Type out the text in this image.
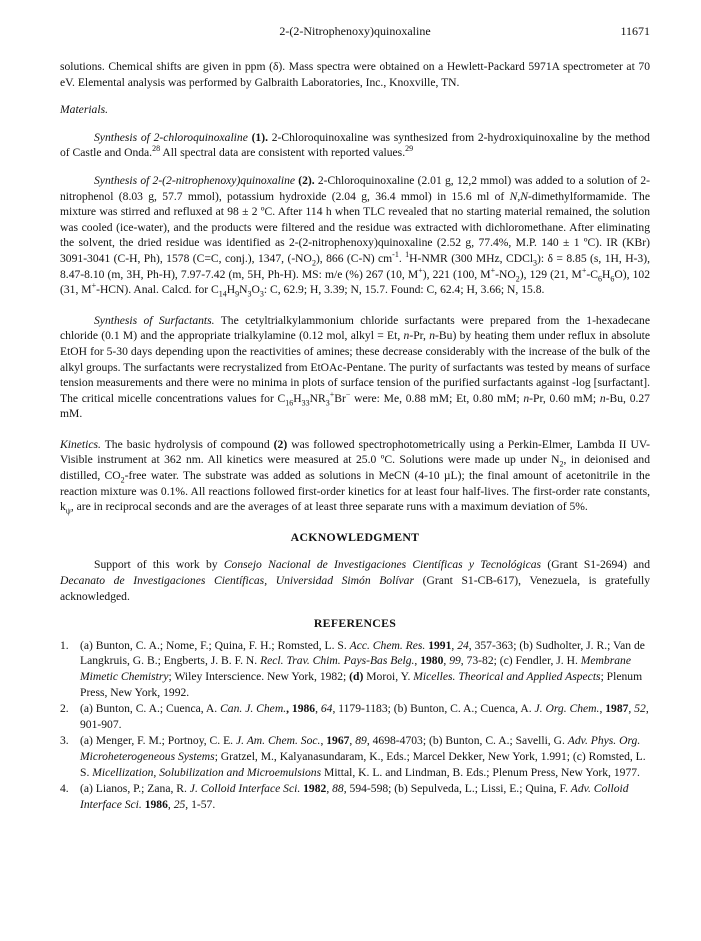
2-(2-Nitrophenoxy)quinoxaline	11671

solutions. Chemical shifts are given in ppm (δ). Mass spectra were obtained on a Hewlett-Packard 5971A spectrometer at 70 eV. Elemental analysis was performed by Galbraith Laboratories, Inc., Knoxville, TN.

Materials.

Synthesis of 2-chloroquinoxaline (1). 2-Chloroquinoxaline was synthesized from 2-hydroxiquinoxaline by the method of Castle and Onda.$^{28}$ All spectral data are consistent with reported values.$^{29}$

Synthesis of 2-(2-nitrophenoxy)quinoxaline (2). 2-Chloroquinoxaline (2.01 g, 12,2 mmol) was added to a solution of 2-nitrophenol (8.03 g, 57.7 mmol), potassium hydroxide (2.04 g, 36.4 mmol) in 15.6 ml of N,N-dimethylformamide. The mixture was stirred and refluxed at 98 ± 2 ºC. After 114 h when TLC revealed that no starting material remained, the solution was cooled (ice-water), and the products were filtered and the residue was extracted with dichloromethane. After eliminating the solvent, the dried residue was identified as 2-(2-nitrophenoxy)quinoxaline (2.52 g, 77.4%, M.P. 140 ± 1 ºC). IR (KBr) 3091-3041 (C-H, Ph), 1578 (C=C, conj.), 1347, $(-NO_2)$, 866 (C-N) $cm^{-1}$. $^1$H-NMR (300 MHz, CDCl$_3$): δ = 8.85 (s, 1H, H-3), 8.47-8.10 (m, 3H, Ph-H), 7.97-7.42 (m, 5H, Ph-H). MS: m/e (%) 267 (10, M+), 221 (100, $M^+-NO_2$), 129 (21, $M^+-C_6H_6O$), 102 (31, M+-HCN). Anal. Calcd. for $C_{14}H_9N_3O_3$: C, 62.9; H, 3.39; N, 15.7. Found: C, 62.4; H, 3.66; N, 15.8.

Synthesis of Surfactants. The cetyltrialkylammonium chloride surfactants were prepared from the 1-hexadecane chloride (0.1 M) and the appropriate trialkylamine (0.12 mol, alkyl = Et, n-Pr, n-Bu) by heating them under reflux in absolute EtOH for 5-30 days depending upon the reactivities of amines; these decrease considerably with the increase of the bulk of the alkyl groups. The surfactants were recrystalized from EtOAc-Pentane. The purity of surfactants was tested by means of surface tension measurements and there were no minima in plots of surface tension of the purified surfactants against -log [surfactant]. The critical micelle concentrations values for $C_{16}H_{33}NR_3^+Br^-$ were: Me, 0.88 mM; Et, 0.80 mM; n-Pr, 0.60 mM; n-Bu, 0.27 mM.

Kinetics. The basic hydrolysis of compound (2) was followed spectrophotometrically using a Perkin-Elmer, Lambda II UV-Visible instrument at 362 nm. All kinetics were measured at 25.0 ºC. Solutions were made up under $N_2$, in deionised and distilled, $CO_2$-free water. The substrate was added as solutions in MeCN (4-10 µL); the final amount of acetonitrile in the reaction mixture was 0.1%. All reactions followed first-order kinetics for at least four half-lives. The first-order rate constants, $k_\psi$, are in reciprocal seconds and are the averages of at least three separate runs with a maximum deviation of 5%.

ACKNOWLEDGMENT

Support of this work by Consejo Nacional de Investigaciones Científicas y Tecnológicas (Grant S1-2694) and Decanato de Investigaciones Científicas, Universidad Simón Bolívar (Grant S1-CB-617), Venezuela, is gratefully acknowledged.

REFERENCES

1. (a) Bunton, C. A.; Nome, F.; Quina, F. H.; Romsted, L. S. Acc. Chem. Res. 1991, 24, 357-363; (b) Sudholter, J. R.; Van de Langkruis, G. B.; Engberts, J. B. F. N. Recl. Trav. Chim. Pays-Bas Belg., 1980, 99, 73-82; (c) Fendler, J. H. Membrane Mimetic Chemistry; Wiley Interscience. New York, 1982; (d) Moroi, Y. Micelles. Theorical and Applied Aspects; Plenum Press, New York, 1992.
2. (a) Bunton, C. A.; Cuenca, A. Can. J. Chem., 1986, 64, 1179-1183; (b) Bunton, C. A.; Cuenca, A. J. Org. Chem., 1987, 52, 901-907.
3. (a) Menger, F. M.; Portnoy, C. E. J. Am. Chem. Soc., 1967, 89, 4698-4703; (b) Bunton, C. A.; Savelli, G. Adv. Phys. Org. Microheterogeneous Systems; Gratzel, M., Kalyanasundaram, K., Eds.; Marcel Dekker, New York, 1.991; (c) Romsted, L. S. Micellization, Solubilization and Microemulsions Mittal, K. L. and Lindman, B. Eds.; Plenum Press, New York, 1977.
4. (a) Lianos, P.; Zana, R. J. Colloid Interface Sci. 1982, 88, 594-598; (b) Sepulveda, L.; Lissi, E.; Quina, F. Adv. Colloid Interface Sci. 1986, 25, 1-57.
